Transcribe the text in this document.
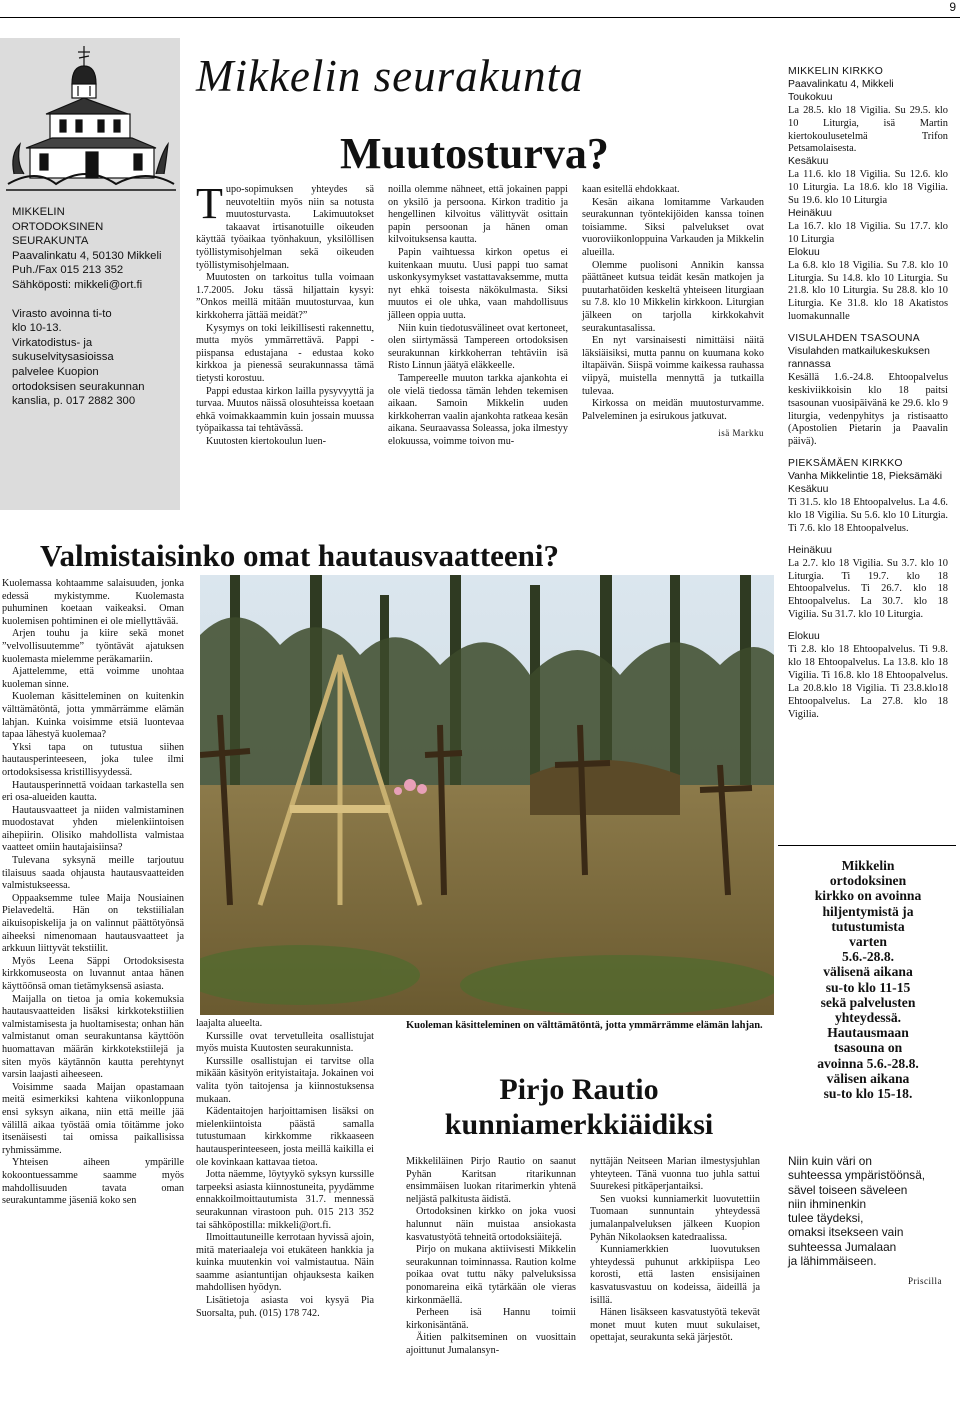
9

MIKKELIN

ORTODOKSINEN

SEURAKUNTA

Paavalinkatu 4, 50130 Mikkeli

Puh./Fax 015 213 352

Sähköposti: mikkeli@ort.fi

Virasto avoinna ti-to

klo 10-13.

Virkatodistus- ja

sukuselvitysasioissa

palvelee Kuopion

ortodoksisen seurakunnan

kanslia, p. 017 2882 300

Mikkelin seurakunta
Muutosturva?

Tupo-sopimuksen yhteydes sä neuvoteltiin myös niin sa notusta muutosturvasta. Lakimuutokset takaavat irtisanotuille oikeuden käyttää työaikaa työnhakuun, yksilöllisen työllistymisohjelman sekä oikeuden työllistymisohjelmaan.

Muutosten on tarkoitus tulla voimaan 1.7.2005. Joku tässä hiljattain kysyi: ”Onkos meillä mitään muutosturvaa, kun kirkkoherra jättää meidät?”

Kysymys on toki leikillisesti rakennettu, mutta myös ymmärrettävä. Pappi - piispansa edustajana - edustaa koko kirkkoa ja pienessä seurakunnassa tämä tietysti korostuu.

Pappi edustaa kirkon lailla pysyvyyttä ja turvaa. Muutos näissä olosuhteissa koetaan ehkä voimakkaammin kuin jossain muussa työpaikassa tai tehtävässä.

Kuutosten kiertokoulun luen-

noilla olemme nähneet, että jokainen pappi on yksilö ja persoona. Kirkon traditio ja hengellinen kilvoitus välittyvät osittain papin persoonan ja hänen oman kilvoituksensa kautta.

Papin vaihtuessa kirkon opetus ei kuitenkaan muutu. Uusi pappi tuo samat uskonkysymykset vastattavaksemme, mutta nyt ehkä toisesta näkökulmasta. Siksi muutos ei ole uhka, vaan mahdollisuus jälleen oppia uutta.

Niin kuin tiedotusvälineet ovat kertoneet, olen siirtymässä Tampereen ortodoksisen seurakunnan kirkkoherran tehtäviin isä Risto Linnun jäätyä eläkkeelle.

Tampereelle muuton tarkka ajankohta ei ole vielä tiedossa tämän lehden tekemisen aikaan. Samoin Mikkelin uuden kirkkoherran vaalin ajankohta ratkeaa kesän aikana. Seuraavassa Soleassa, joka ilmestyy elokuussa, voimme toivon mu-

kaan esitellä ehdokkaat.

Kesän aikana lomitamme Varkauden seurakunnan työntekijöiden kanssa toinen toisiamme. Siksi palvelukset ovat vuoroviikonloppuina Varkauden ja Mikkelin alueilla.

Olemme puolisoni Annikin kanssa päättäneet kutsua teidät kesän matkojen ja puutarhatöiden keskeltä yhteiseen liturgiaan su 7.8. klo 10 Mikkelin kirkkoon. Liturgian jälkeen on tarjolla kirkkokahvit seurakuntasalissa.

En nyt varsinaisesti nimittäisi näitä läksiäisiksi, mutta pannu on kuumana koko iltapäivän. Siispä voimme kaikessa rauhassa viipyä, muistella mennyttä ja tutkailla tulevaa.

Kirkossa on meidän muutosturvamme. Palveleminen ja esirukous jatkuvat.

isä Markku

Valmistaisinko omat hautausvaatteeni?

Kuolemassa kohtaamme salaisuuden, jonka edessä mykistymme. Kuolemasta puhuminen koetaan vaikeaksi. Oman kuolemisen pohtiminen ei ole miellyttävää.

Arjen touhu ja kiire sekä monet ”velvollisuutemme” työntävät ajatuksen kuolemasta mielemme peräkamariin.

Ajattelemme, että voimme unohtaa kuoleman sinne.

Kuoleman käsitteleminen on kuitenkin välttämätöntä, jotta ymmärrämme elämän lahjan. Kuinka voisimme etsiä luontevaa tapaa lähestyä kuolemaa?

Yksi tapa on tutustua siihen hautausperinteeseen, joka tulee ilmi ortodoksisessa kristillisyydessä.

Hautausperinnettä voidaan tarkastella sen eri osa-alueiden kautta.

Hautausvaatteet ja niiden valmistaminen muodostavat yhden mielenkiintoisen aihepiirin. Olisiko mahdollista valmistaa vaatteet omiin hautajaisiinsa?

Tulevana syksynä meille tarjoutuu tilaisuus saada ohjausta hautausvaatteiden valmistukseessa.

Oppaaksemme tulee Maija Nousiainen Pielavedeltä. Hän on tekstiilialan aikuisopiskelija ja on valinnut päättötyönsä aiheeksi nimenomaan hautausvaatteet ja arkkuun liittyvät tekstiilit.

Myös Leena Säppi Ortodoksisesta kirkkomuseosta on luvannut antaa hänen käyttöönsä oman tietämyksensä asiasta.

Maijalla on tietoa ja omia kokemuksia hautausvaatteiden lisäksi kirkkotekstiilien valmistamisesta ja huoltamisesta; onhan hän valmistanut oman seurakuntansa käyttöön huomattavan määrän kirkkotekstiilejä ja siten myös käytännön kautta perehtynyt varsin laajasti aiheeseen.

Voisimme saada Maijan opastamaan meitä esimerkiksi kahtena viikonloppuna ensi syksyn aikana, niin että meille jää välillä aikaa työstää omia töitämme joko itsenäisesti tai omissa paikallisissa ryhmissämme.

Yhteisen aiheen ympärille kokoontuessamme saamme myös mahdollisuuden tavata oman seurakuntamme jäseniä koko sen

Kuoleman käsitteleminen on välttämätöntä, jotta ymmärrämme elämän lahjan.

laajalta alueelta.

Kurssille ovat tervetulleita osallistujat myös muista Kuutosten seurakunnista.

Kurssille osallistujan ei tarvitse olla mikään käsityön erityistaitaja. Jokainen voi valita työn taitojensa ja kiinnostuksensa mukaan.

Kädentaitojen harjoittamisen lisäksi on mielenkiintoista päästä samalla tutustumaan kirkkomme rikkaaseen hautausperinteeseen, josta meillä kaikilla ei ole kovinkaan kattavaa tietoa.

Jotta näemme, löytyykö syksyn kurssille tarpeeksi asiasta kiinnostuneita, pyydämme ennakkoilmoittautumista 31.7. mennessä seurakunnan virastoon puh. 015 213 352 tai sähköpostilla: mikkeli@ort.fi.

Ilmoittautuneille kerrotaan hyvissä ajoin, mitä materiaaleja voi etukäteen hankkia ja kuinka muutenkin voi valmistautua. Näin saamme asiantuntijan ohjauksesta kaiken mahdollisen hyödyn.

Lisätietoja asiasta voi kysyä Pia Suorsalta, puh. (015) 178 742.

Pirjo Rautio
kunniamerkkiäidiksi

Mikkeliläinen Pirjo Rautio on saanut Pyhän Karitsan ritarikunnan ensimmäisen luokan ritarimerkin yhtenä neljästä palkitusta äidistä.

Ortodoksinen kirkko on joka vuosi halunnut näin muistaa ansiokasta kasvatustyötä tehneitä ortodoksiäitejä.

Pirjo on mukana aktiivisesti Mikkelin seurakunnan toiminnassa. Raution kolme poikaa ovat tuttu näky palveluksissa ponomareina eikä tytärkään ole vieras kirkonmäellä.

Perheen isä Hannu toimii kirkonisäntänä.

Äitien palkitseminen on vuosittain ajoittunut Jumalansyn-

nyttäjän Neitseen Marian ilmestysjuhlan yhteyteen. Tänä vuonna tuo juhla sattui Suurekesi pitkäperjantaiksi.

Sen vuoksi kunniamerkit luovutettiin Tuomaan sunnuntain yhteydessä jumalanpalveluksen jälkeen Kuopion Pyhän Nikolaoksen katedraalissa.

Kunniamerkkien luovutuksen yhteydessä puhunut arkkipiispa Leo korosti, että lasten ensisijainen kasvatusvastuu on kodeissa, äideillä ja isillä.

Hänen lisäkseen kasvatustyötä tekevät monet muut kuten muut sukulaiset, opettajat, seurakunta sekä järjestöt.

MIKKELIN KIRKKO

Paavalinkatu 4, Mikkeli

Toukokuu

La 28.5. klo 18 Vigilia. Su 29.5. klo 10 Liturgia, isä Martin kiertokoulusetelmä Trifon Petsamolaisesta.

Kesäkuu

La 11.6. klo 18 Vigilia. Su 12.6. klo 10 Liturgia. La 18.6. klo 18 Vigilia. Su 19.6. klo 10 Liturgia

Heinäkuu

La 16.7. klo 18 Vigilia. Su 17.7. klo 10 Liturgia

Elokuu

La 6.8. klo 18 Vigilia. Su 7.8. klo 10 Liturgia. Su 14.8. klo 10 Liturgia. Su 21.8. klo 10 Liturgia. Su 28.8. klo 10 Liturgia. Ke 31.8. klo 18 Akatistos luomakunnalle

VISULAHDEN TSASOUNA

Visulahden matkailukeskuksen rannassa

Kesällä 1.6.-24.8. Ehtoopalvelus keskiviikkoisin klo 18 paitsi tsasounan vuosipäivänä ke 29.6. klo 9 liturgia, vedenpyhitys ja ristisaatto (Apostolien Pietarin ja Paavalin päivä).

PIEKSÄMÄEN KIRKKO

Vanha Mikkelintie 18, Pieksämäki

Kesäkuu

Ti 31.5. klo 18 Ehtoopalvelus. La 4.6. klo 18 Vigilia. Su 5.6. klo 10 Liturgia. Ti 7.6. klo 18 Ehtoopalvelus.

Heinäkuu

La 2.7. klo 18 Vigilia. Su 3.7. klo 10 Liturgia. Ti 19.7. klo 18 Ehtoopalvelus. Ti 26.7. klo 18 Ehtoopalvelus. La 30.7. klo 18 Vigilia. Su 31.7. klo 10 Liturgia.

Elokuu

Ti 2.8. klo 18 Ehtoopalvelus. Ti 9.8. klo 18 Ehtoopalvelus. La 13.8. klo 18 Vigilia. Ti 16.8. klo 18 Ehtoopalvelus. La 20.8.klo 18 Vigilia. Ti 23.8.klo18 Ehtoopalvelus. La 27.8. klo 18 Vigilia.

Mikkelin
ortodoksinen
kirkko on avoinna
hiljentymistä ja
tutustumista
varten
5.6.-28.8.
välisenä aikana
su-to klo 11-15
sekä palvelusten
yhteydessä.
Hautausmaan
tsasouna on
avoinna 5.6.-28.8.
välisen aikana
su-to klo 15-18.
Niin kuin väri on
suhteessa ympäristöönsä,
sävel toiseen säveleen
niin ihminenkin
tulee täydeksi,
omaksi itsekseen vain
suhteessa Jumalaan
ja lähimmäiseen.
Priscilla
